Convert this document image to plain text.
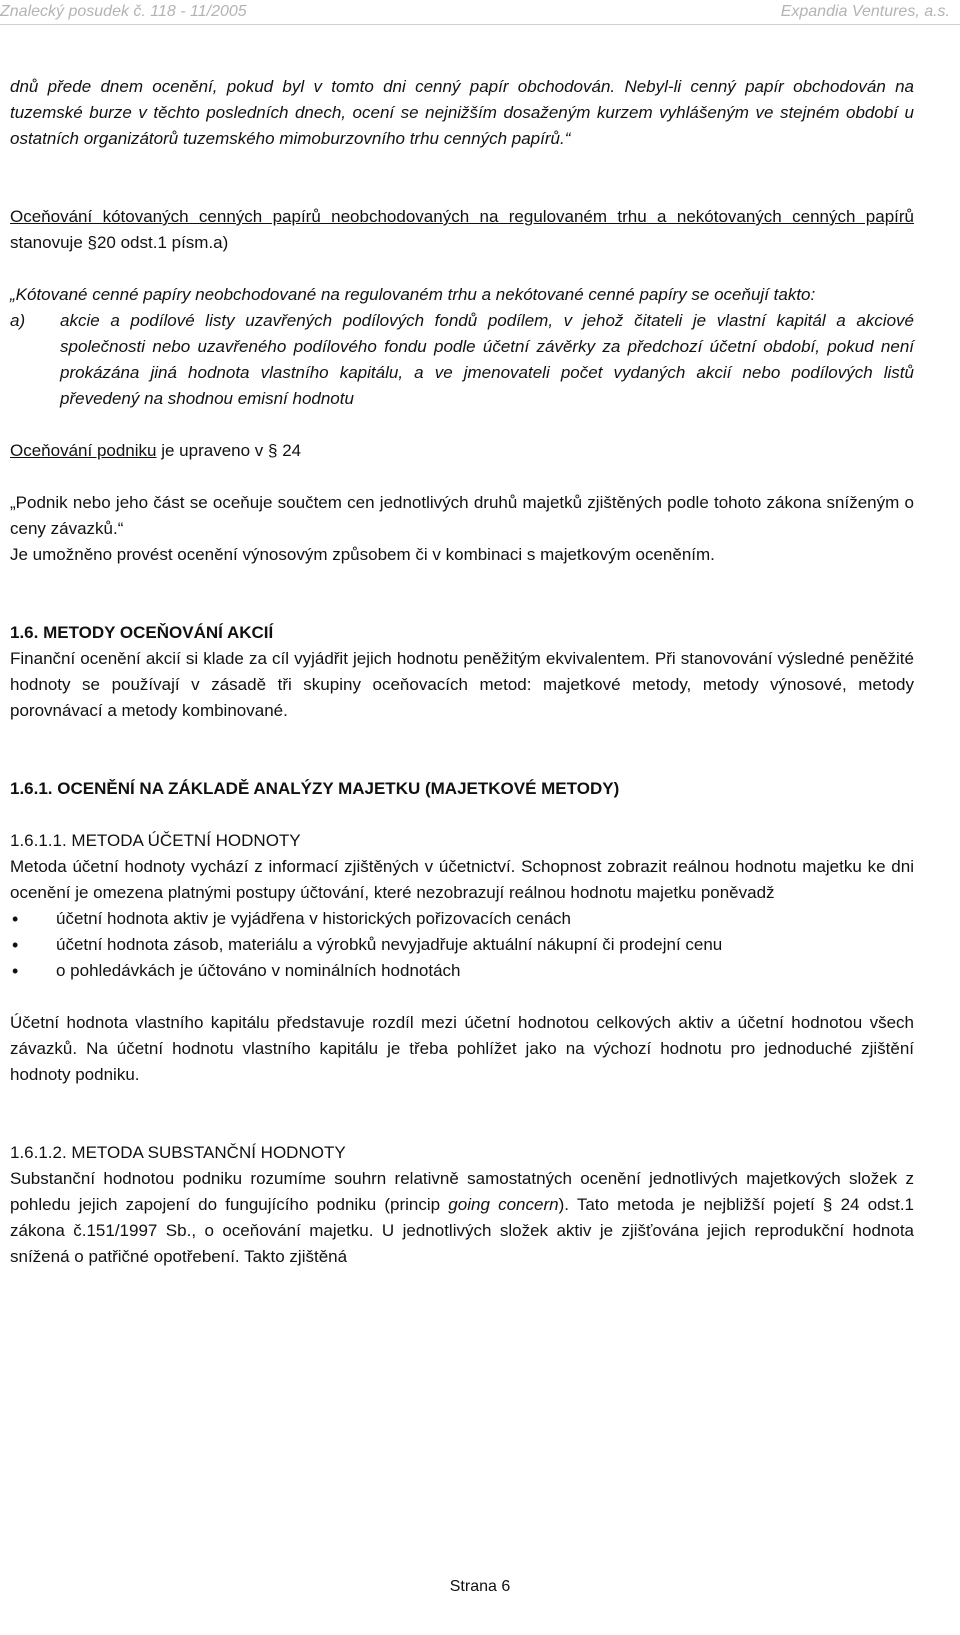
Znalecký posudek č. 118 - 11/2005	Expandia Ventures, a.s.

dnů přede dnem ocenění, pokud byl v tomto dni cenný papír obchodován. Nebyl-li cenný papír obchodován na tuzemské burze v těchto posledních dnech, ocení se nejnižším dosaženým kurzem vyhlášeným ve stejném období u ostatních organizátorů tuzemského mimoburzovního trhu cenných papírů.“

Oceňování kótovaných cenných papírů neobchodovaných na regulovaném trhu a nekótovaných cenných papírů stanovuje §20 odst.1 písm.a)

„Kótované cenné papíry neobchodované na regulovaném trhu a nekótované cenné papíry se oceňují takto:

a) akcie a podílové listy uzavřených podílových fondů podílem, v jehož čitateli je vlastní kapitál a akciové společnosti nebo uzavřeného podílového fondu podle účetní závěrky za předchozí účetní období, pokud není prokázána jiná hodnota vlastního kapitálu, a ve jmenovateli počet vydaných akcií nebo podílových listů převedený na shodnou emisní hodnotu

Oceňování podniku je upraveno v § 24

„Podnik nebo jeho část se oceňuje součtem cen jednotlivých druhů majetků zjištěných podle tohoto zákona sníženým o ceny závazků.“

Je umožněno provést ocenění výnosovým způsobem či v kombinaci s majetkovým oceněním.

1.6. METODY OCEŇOVÁNÍ AKCIÍ

Finanční ocenění akcií si klade za cíl vyjádřit jejich hodnotu peněžitým ekvivalentem. Při stanovování výsledné peněžité hodnoty se používají v zásadě tři skupiny oceňovacích metod: majetkové metody, metody výnosové, metody porovnávací a metody kombinované.

1.6.1. OCENĚNÍ NA ZÁKLADĚ ANALÝZY MAJETKU (MAJETKOVÉ METODY)

1.6.1.1. METODA ÚČETNÍ HODNOTY

Metoda účetní hodnoty vychází z informací zjištěných v účetnictví. Schopnost zobrazit reálnou hodnotu majetku ke dni ocenění je omezena platnými postupy účtování, které nezobrazují reálnou hodnotu majetku poněvadž

• účetní hodnota aktiv je vyjádřena v historických pořizovacích cenách
• účetní hodnota zásob, materiálu a výrobků nevyjadřuje aktuální nákupní či prodejní cenu
• o pohledávkách je účtováno v nominálních hodnotách

Účetní hodnota vlastního kapitálu představuje rozdíl mezi účetní hodnotou celkových aktiv a účetní hodnotou všech závazků. Na účetní hodnotu vlastního kapitálu je třeba pohlížet jako na výchozí hodnotu pro jednoduché zjištění hodnoty podniku.

1.6.1.2. METODA SUBSTANČNÍ HODNOTY

Substanční hodnotou podniku rozumíme souhrn relativně samostatných ocenění jednotlivých majetkových složek z pohledu jejich zapojení do fungujícího podniku (princip going concern). Tato metoda je nejbližší pojetí § 24 odst.1 zákona č.151/1997 Sb., o oceňování majetku. U jednotlivých složek aktiv je zjišťována jejich reprodukční hodnota snížená o patřičné opotřebení. Takto zjištěná

Strana 6
